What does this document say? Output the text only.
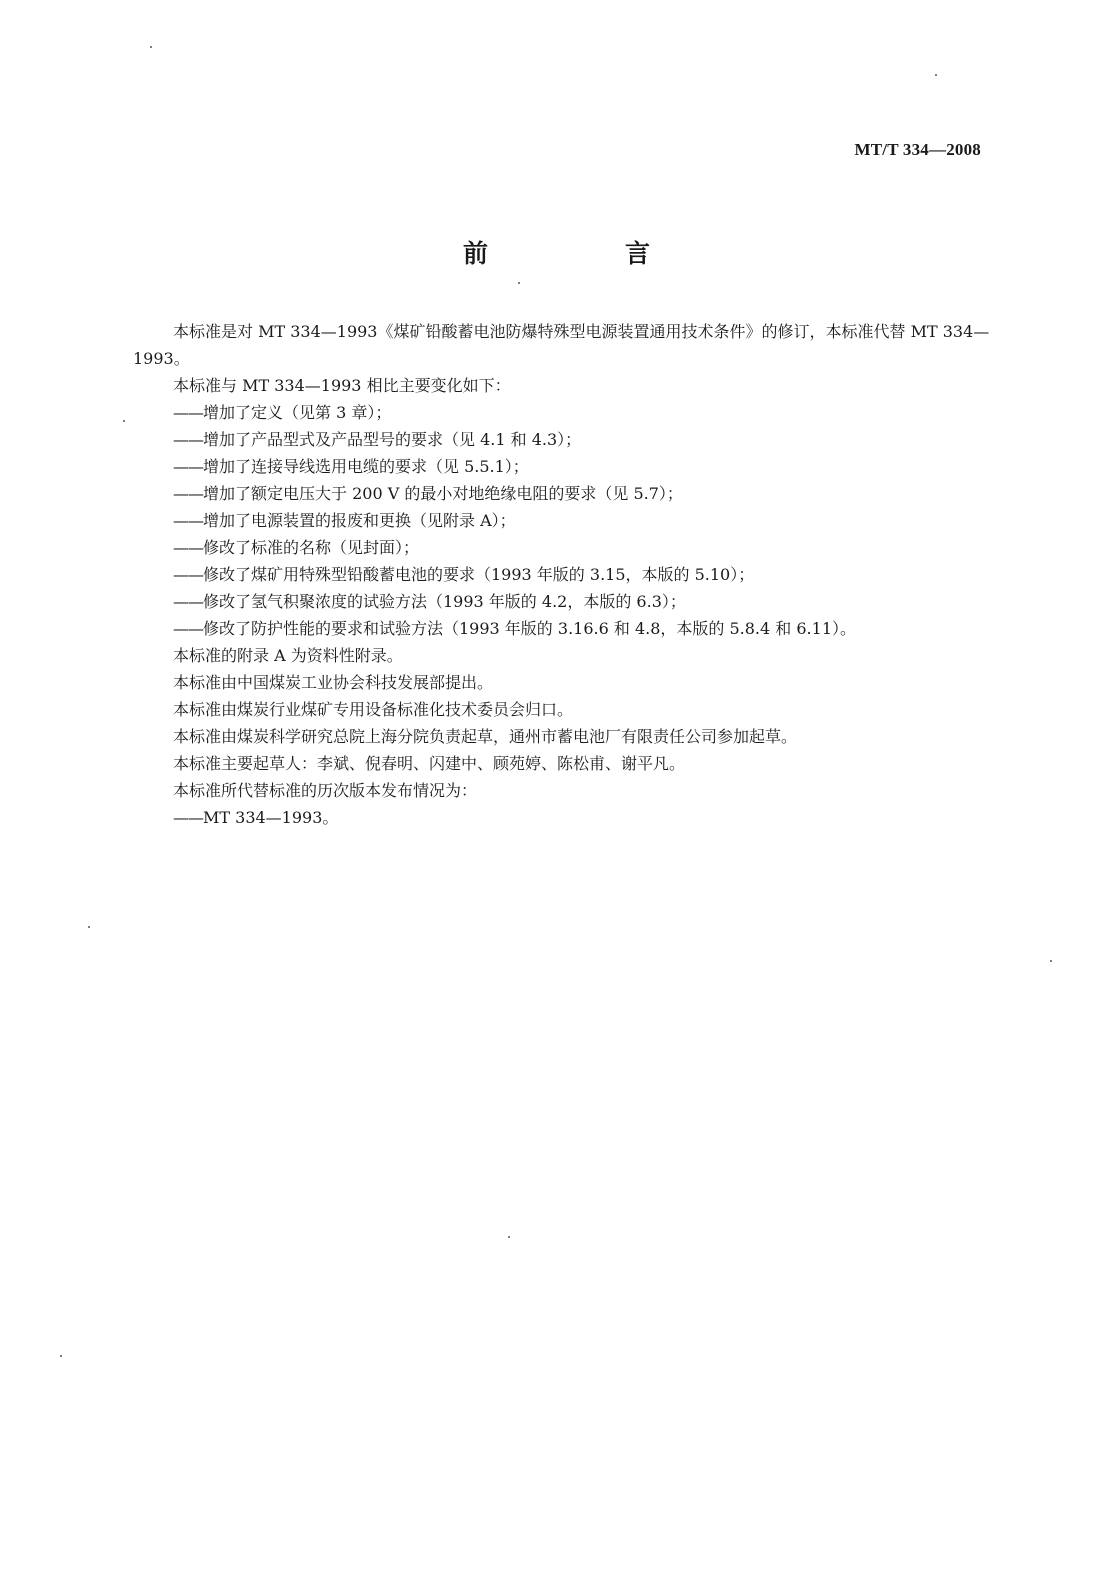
MT/T 334—2008
前　言

本标准是对 MT 334—1993《煤矿铅酸蓄电池防爆特殊型电源装置通用技术条件》的修订，本标准代替 MT 334—1993。

本标准与 MT 334—1993 相比主要变化如下：

——增加了定义（见第 3 章）；

——增加了产品型式及产品型号的要求（见 4.1 和 4.3）；

——增加了连接导线选用电缆的要求（见 5.5.1）；

——增加了额定电压大于 200 V 的最小对地绝缘电阻的要求（见 5.7）；

——增加了电源装置的报废和更换（见附录 A）；

——修改了标准的名称（见封面）；

——修改了煤矿用特殊型铅酸蓄电池的要求（1993 年版的 3.15，本版的 5.10）；

——修改了氢气积聚浓度的试验方法（1993 年版的 4.2，本版的 6.3）；

——修改了防护性能的要求和试验方法（1993 年版的 3.16.6 和 4.8，本版的 5.8.4 和 6.11）。

本标准的附录 A 为资料性附录。

本标准由中国煤炭工业协会科技发展部提出。

本标准由煤炭行业煤矿专用设备标准化技术委员会归口。

本标准由煤炭科学研究总院上海分院负责起草，通州市蓄电池厂有限责任公司参加起草。

本标准主要起草人：李斌、倪春明、闪建中、顾苑婷、陈松甫、谢平凡。

本标准所代替标准的历次版本发布情况为：

——MT 334—1993。
